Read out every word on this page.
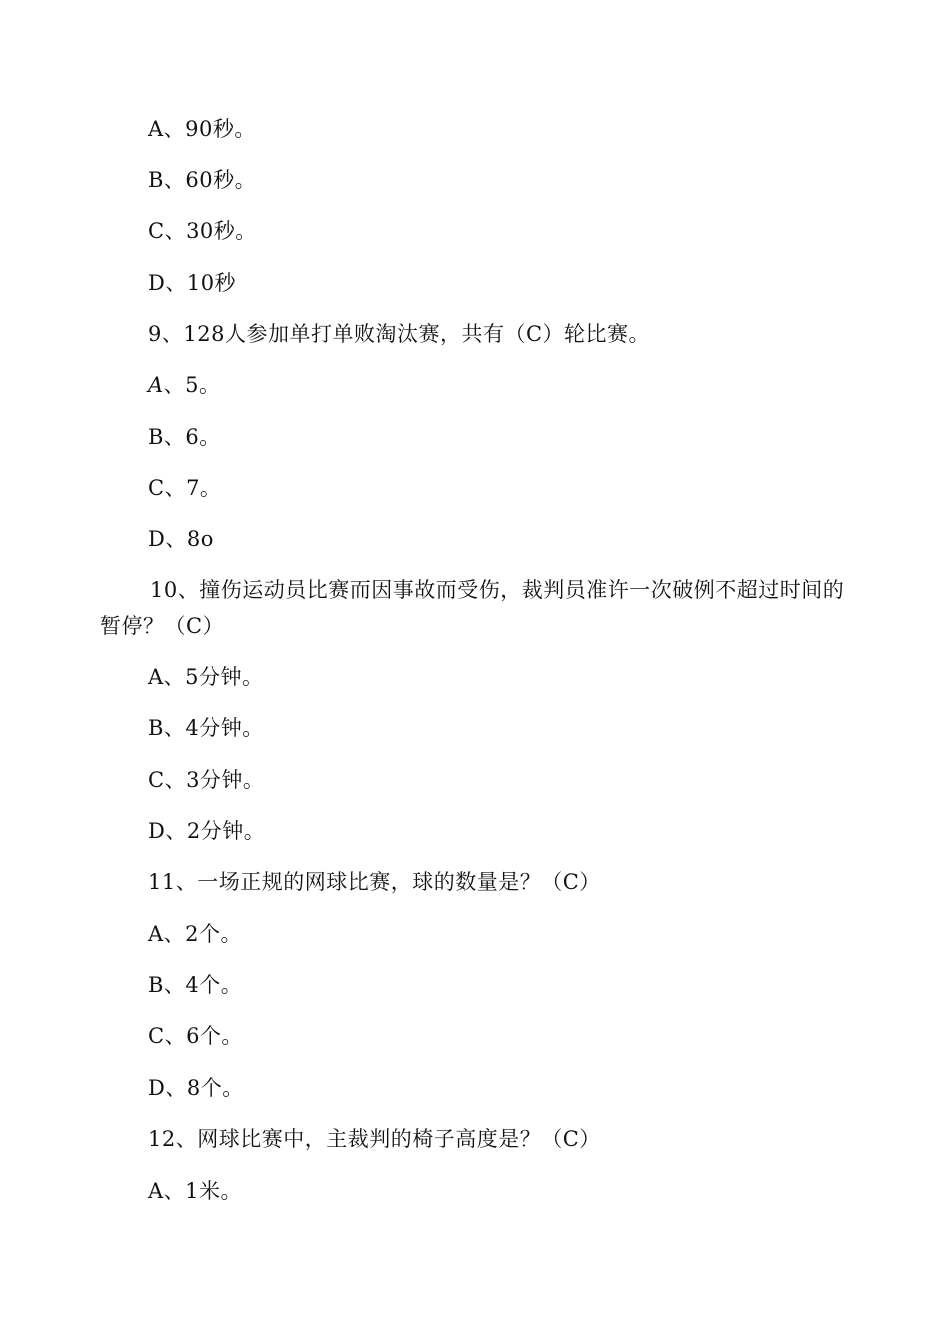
A、90秒。
B、60秒。
C、30秒。
D、10秒
9、128人参加单打单败淘汰赛，共有（C）轮比赛。
A、5。
B、6。
C、7。
D、8o
10、撞伤运动员比赛而因事故而受伤，裁判员准许一次破例不超过时间的暂停？（C）
A、5分钟。
B、4分钟。
C、3分钟。
D、2分钟。
11、一场正规的网球比赛，球的数量是？（C）
A、2个。
B、4个。
C、6个。
D、8个。
12、网球比赛中，主裁判的椅子高度是？（C）
A、1米。
